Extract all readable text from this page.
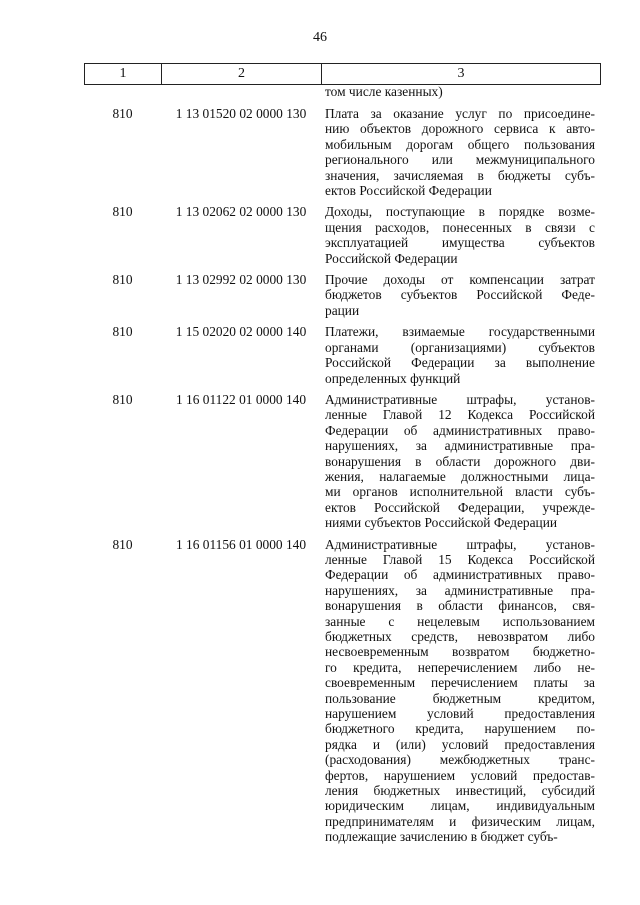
46
1	2	3
том числе казенных)
810	1 13 01520 02 0000 130	Плата за оказание услуг по присоедине-
нию объектов дорожного сервиса к авто-
мобильным дорогам общего пользования
регионального или межмуниципального
значения, зачисляемая в бюджеты субъ-
ектов Российской Федерации
810	1 13 02062 02 0000 130	Доходы, поступающие в порядке возме-
щения расходов, понесенных в связи с
эксплуатацией имущества субъектов
Российской Федерации
810	1 13 02992 02 0000 130	Прочие доходы от компенсации затрат
бюджетов субъектов Российской Феде-
рации
810	1 15 02020 02 0000 140	Платежи, взимаемые государственными
органами (организациями) субъектов
Российской Федерации за выполнение
определенных функций
810	1 16 01122 01 0000 140	Административные штрафы, установ-
ленные Главой 12 Кодекса Российской
Федерации об административных право-
нарушениях, за административные пра-
вонарушения в области дорожного дви-
жения, налагаемые должностными лица-
ми органов исполнительной власти субъ-
ектов Российской Федерации, учрежде-
ниями субъектов Российской Федерации
810	1 16 01156 01 0000 140	Административные штрафы, установ-
ленные Главой 15 Кодекса Российской
Федерации об административных право-
нарушениях, за административные пра-
вонарушения в области финансов, свя-
занные с нецелевым использованием
бюджетных средств, невозвратом либо
несвоевременным возвратом бюджетно-
го кредита, неперечислением либо не-
своевременным перечислением платы за
пользование бюджетным кредитом,
нарушением условий предоставления
бюджетного кредита, нарушением по-
рядка и (или) условий предоставления
(расходования) межбюджетных транс-
фертов, нарушением условий предостав-
ления бюджетных инвестиций, субсидий
юридическим лицам, индивидуальным
предпринимателям и физическим лицам,
подлежащие зачислению в бюджет субъ-
